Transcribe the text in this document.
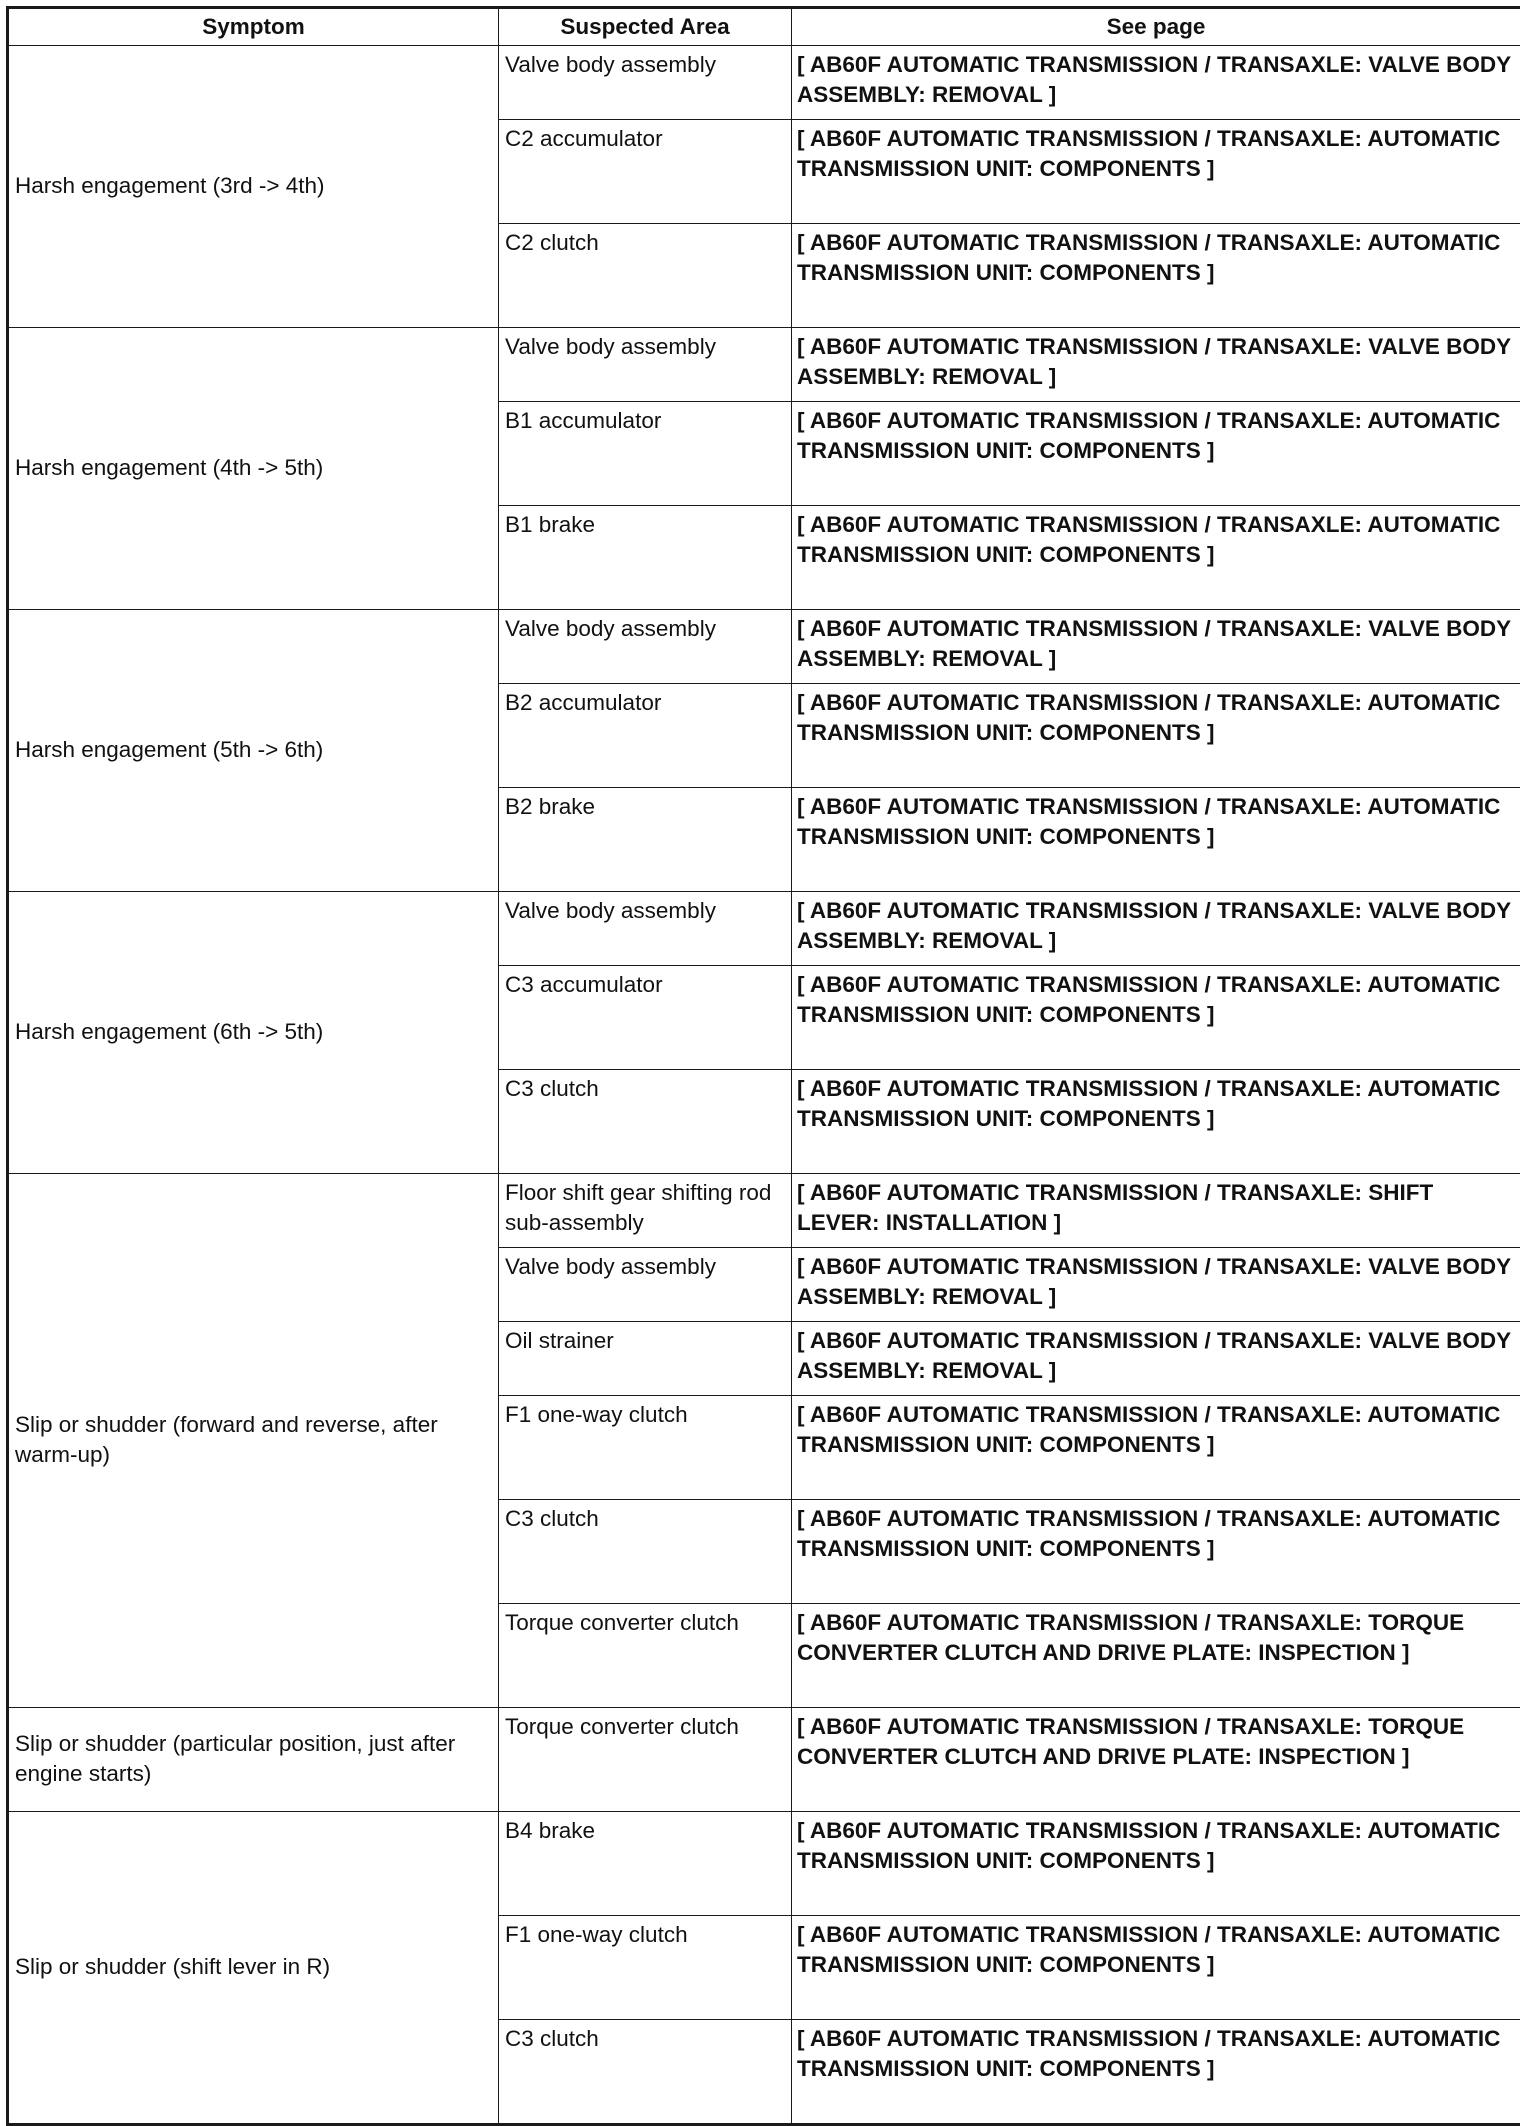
Symptom	Suspected Area	See page
Harsh engagement (3rd -> 4th)	Valve body assembly	[ AB60F AUTOMATIC TRANSMISSION / TRANSAXLE: VALVE BODY ASSEMBLY: REMOVAL ]
	C2 accumulator	[ AB60F AUTOMATIC TRANSMISSION / TRANSAXLE: AUTOMATIC TRANSMISSION UNIT: COMPONENTS ]
	C2 clutch	[ AB60F AUTOMATIC TRANSMISSION / TRANSAXLE: AUTOMATIC TRANSMISSION UNIT: COMPONENTS ]
Harsh engagement (4th -> 5th)	Valve body assembly	[ AB60F AUTOMATIC TRANSMISSION / TRANSAXLE: VALVE BODY ASSEMBLY: REMOVAL ]
	B1 accumulator	[ AB60F AUTOMATIC TRANSMISSION / TRANSAXLE: AUTOMATIC TRANSMISSION UNIT: COMPONENTS ]
	B1 brake	[ AB60F AUTOMATIC TRANSMISSION / TRANSAXLE: AUTOMATIC TRANSMISSION UNIT: COMPONENTS ]
Harsh engagement (5th -> 6th)	Valve body assembly	[ AB60F AUTOMATIC TRANSMISSION / TRANSAXLE: VALVE BODY ASSEMBLY: REMOVAL ]
	B2 accumulator	[ AB60F AUTOMATIC TRANSMISSION / TRANSAXLE: AUTOMATIC TRANSMISSION UNIT: COMPONENTS ]
	B2 brake	[ AB60F AUTOMATIC TRANSMISSION / TRANSAXLE: AUTOMATIC TRANSMISSION UNIT: COMPONENTS ]
Harsh engagement (6th -> 5th)	Valve body assembly	[ AB60F AUTOMATIC TRANSMISSION / TRANSAXLE: VALVE BODY ASSEMBLY: REMOVAL ]
	C3 accumulator	[ AB60F AUTOMATIC TRANSMISSION / TRANSAXLE: AUTOMATIC TRANSMISSION UNIT: COMPONENTS ]
	C3 clutch	[ AB60F AUTOMATIC TRANSMISSION / TRANSAXLE: AUTOMATIC TRANSMISSION UNIT: COMPONENTS ]
Slip or shudder (forward and reverse, after warm-up)	Floor shift gear shifting rod sub-assembly	[ AB60F AUTOMATIC TRANSMISSION / TRANSAXLE: SHIFT LEVER: INSTALLATION ]
	Valve body assembly	[ AB60F AUTOMATIC TRANSMISSION / TRANSAXLE: VALVE BODY ASSEMBLY: REMOVAL ]
	Oil strainer	[ AB60F AUTOMATIC TRANSMISSION / TRANSAXLE: VALVE BODY ASSEMBLY: REMOVAL ]
	F1 one-way clutch	[ AB60F AUTOMATIC TRANSMISSION / TRANSAXLE: AUTOMATIC TRANSMISSION UNIT: COMPONENTS ]
	C3 clutch	[ AB60F AUTOMATIC TRANSMISSION / TRANSAXLE: AUTOMATIC TRANSMISSION UNIT: COMPONENTS ]
	Torque converter clutch	[ AB60F AUTOMATIC TRANSMISSION / TRANSAXLE: TORQUE CONVERTER CLUTCH AND DRIVE PLATE: INSPECTION ]
Slip or shudder (particular position, just after engine starts)	Torque converter clutch	[ AB60F AUTOMATIC TRANSMISSION / TRANSAXLE: TORQUE CONVERTER CLUTCH AND DRIVE PLATE: INSPECTION ]
Slip or shudder (shift lever in R)	B4 brake	[ AB60F AUTOMATIC TRANSMISSION / TRANSAXLE: AUTOMATIC TRANSMISSION UNIT: COMPONENTS ]
	F1 one-way clutch	[ AB60F AUTOMATIC TRANSMISSION / TRANSAXLE: AUTOMATIC TRANSMISSION UNIT: COMPONENTS ]
	C3 clutch	[ AB60F AUTOMATIC TRANSMISSION / TRANSAXLE: AUTOMATIC TRANSMISSION UNIT: COMPONENTS ]
